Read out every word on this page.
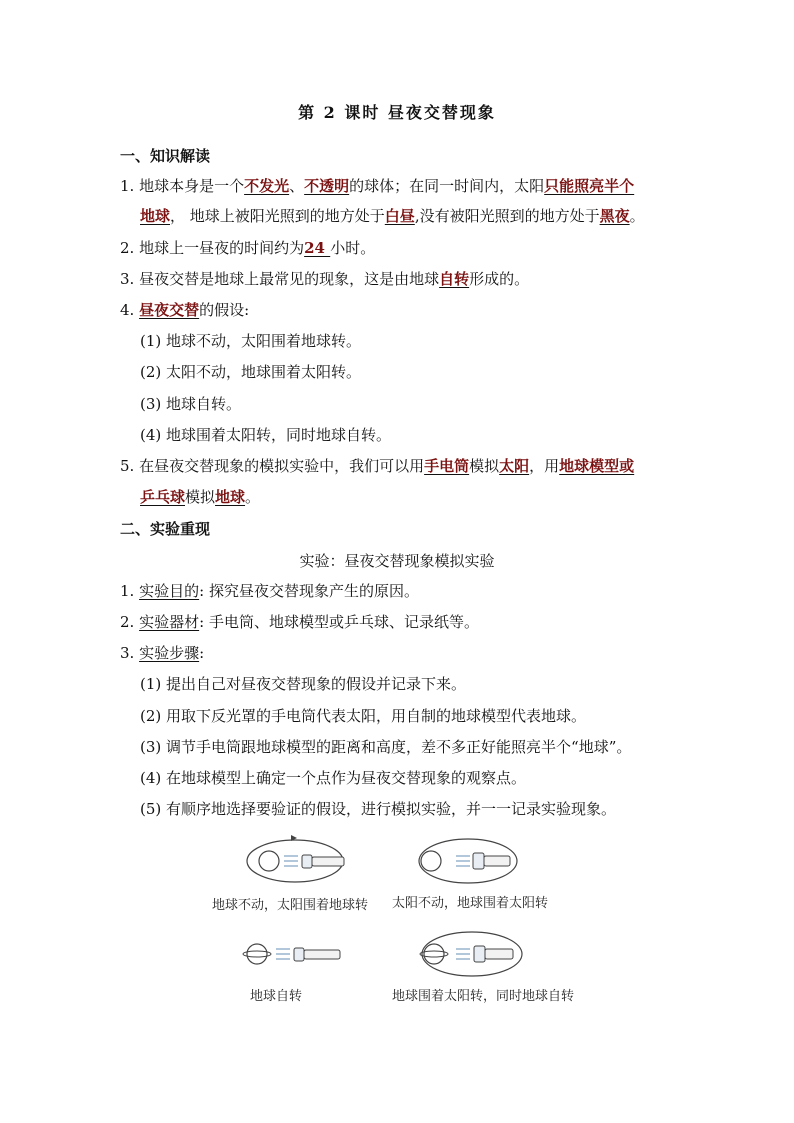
第 2 课时 昼夜交替现象
一、知识解读
1. 地球本身是一个不发光、不透明的球体；在同一时间内，太阳只能照亮半个
地球， 地球上被阳光照到的地方处于白昼,没有被阳光照到的地方处于黑夜。
2. 地球上一昼夜的时间约为24 小时。
3. 昼夜交替是地球上最常见的现象，这是由地球自转形成的。
4. 昼夜交替的假设:
(1) 地球不动，太阳围着地球转。
(2) 太阳不动，地球围着太阳转。
(3) 地球自转。
(4) 地球围着太阳转，同时地球自转。
5. 在昼夜交替现象的模拟实验中，我们可以用手电筒模拟太阳，用地球模型或
乒乓球模拟地球。
二、实验重现
实验：昼夜交替现象模拟实验
1. 实验目的: 探究昼夜交替现象产生的原因。
2. 实验器材: 手电筒、地球模型或乒乓球、记录纸等。
3. 实验步骤:
(1) 提出自己对昼夜交替现象的假设并记录下来。
(2) 用取下反光罩的手电筒代表太阳，用自制的地球模型代表地球。
(3) 调节手电筒跟地球模型的距离和高度，差不多正好能照亮半个“地球”。
(4) 在地球模型上确定一个点作为昼夜交替现象的观察点。
(5) 有顺序地选择要验证的假设，进行模拟实验，并一一记录实验现象。
地球不动，太阳围着地球转 太阳不动，地球围着太阳转
地球自转	地球围着太阳转，同时地球自转
